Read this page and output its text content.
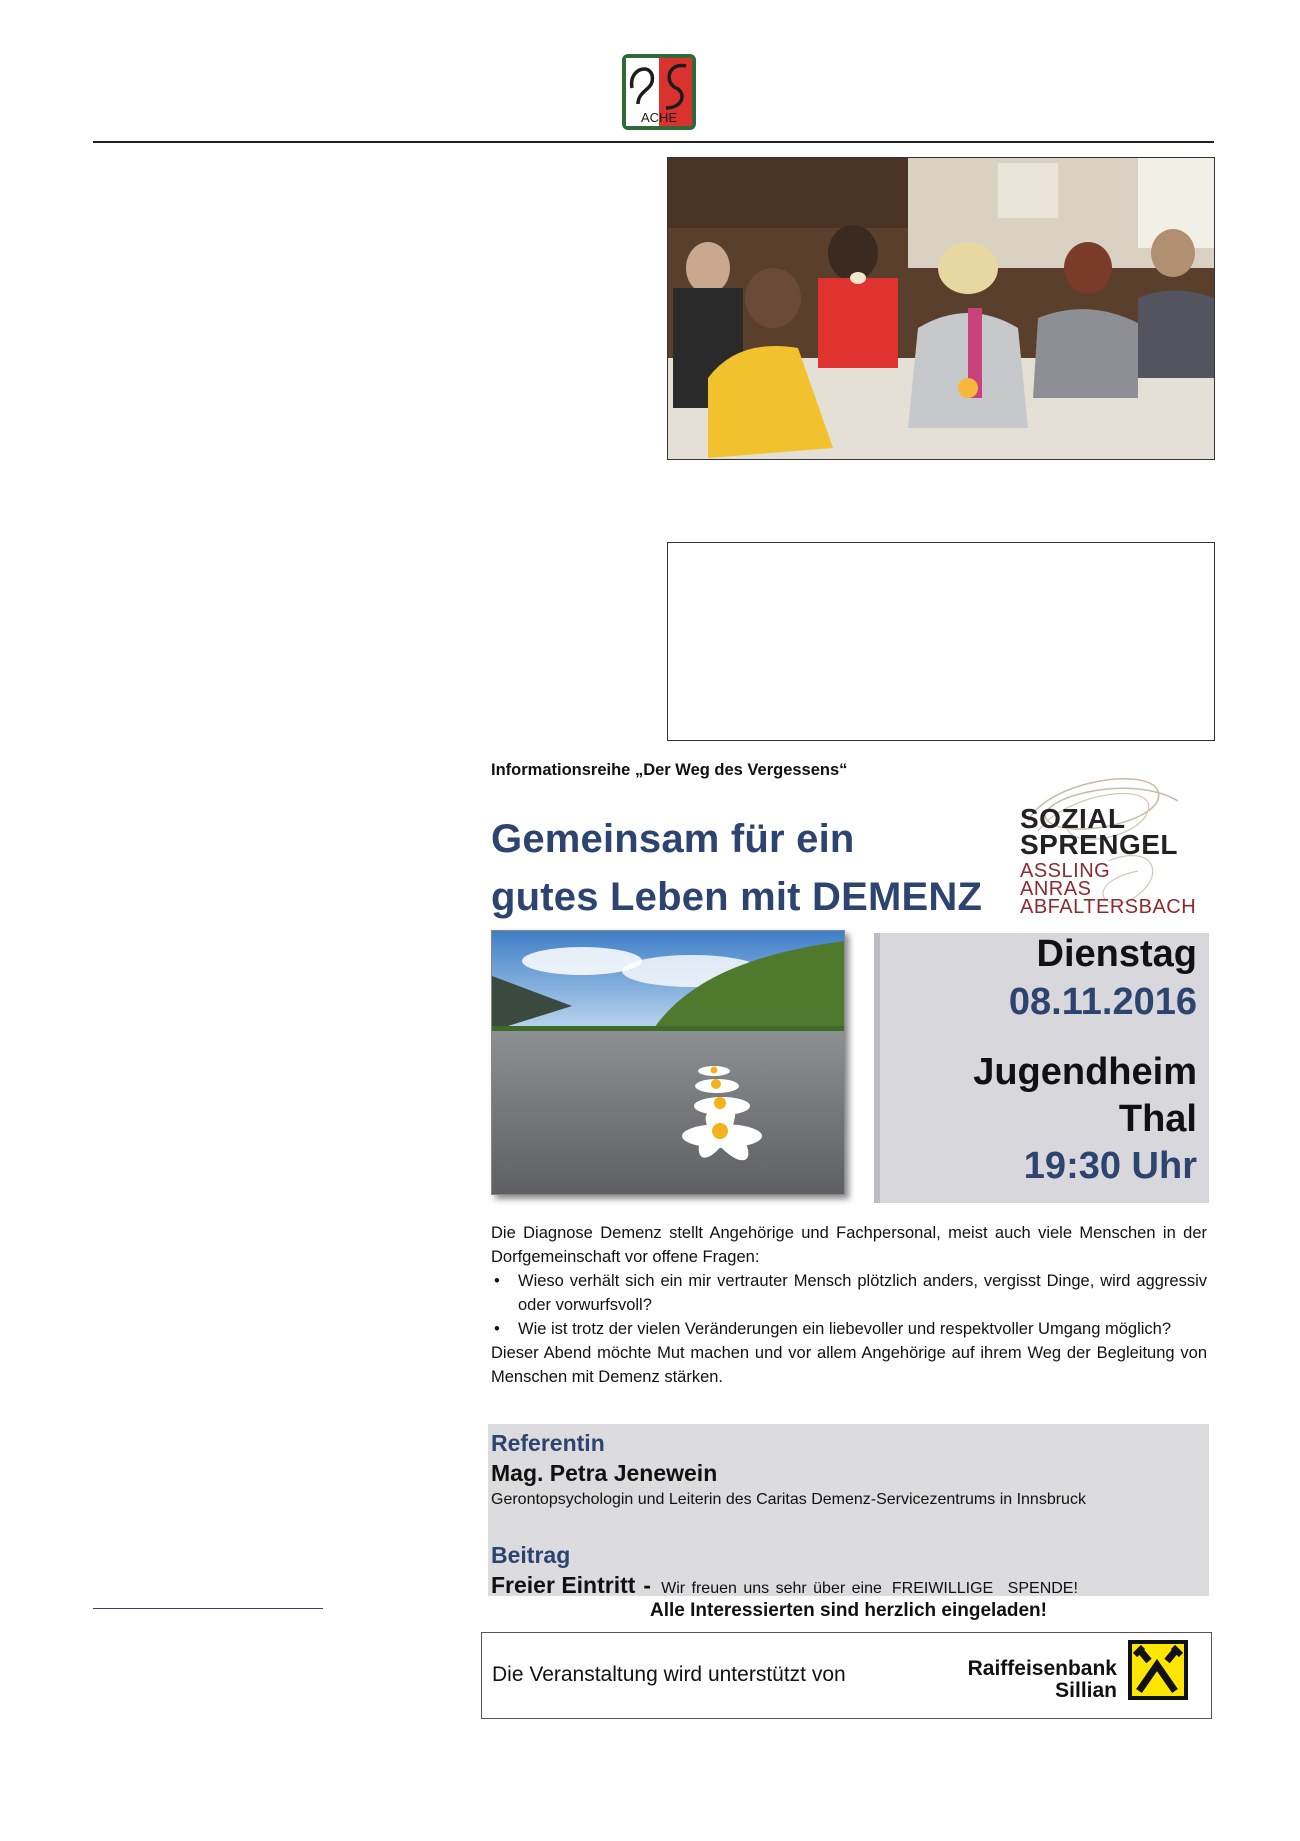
ACHE
Informationsreihe „Der Weg des Vergessens“
Gemeinsam für ein
gutes Leben mit DEMENZ
SOZIAL
SPRENGEL
ASSLING
ANRAS
ABFALTERSBACH
Dienstag
08.11.2016
Jugendheim
Thal
19:30 Uhr

Die Diagnose Demenz stellt Angehörige und Fachpersonal, meist auch viele Menschen in der Dorfgemeinschaft vor offene Fragen:

• Wieso verhält sich ein mir vertrauter Mensch plötzlich anders, vergisst Dinge, wird aggressiv oder vorwurfsvoll?
• Wie ist trotz der vielen Veränderungen ein liebevoller und respektvoller Umgang möglich?

Dieser Abend möchte Mut machen und vor allem Angehörige auf ihrem Weg der Begleitung von Menschen mit Demenz stärken.

Referentin
Mag. Petra Jenewein
Gerontopsychologin und Leiterin des Caritas Demenz-Servicezentrums in Innsbruck
Beitrag
Freier Eintritt - Wir freuen uns sehr über eine FREIWILLIGE SPENDE!
Alle Interessierten sind herzlich eingeladen!
Die Veranstaltung wird unterstützt von	Raiffeisenbank
Sillian
